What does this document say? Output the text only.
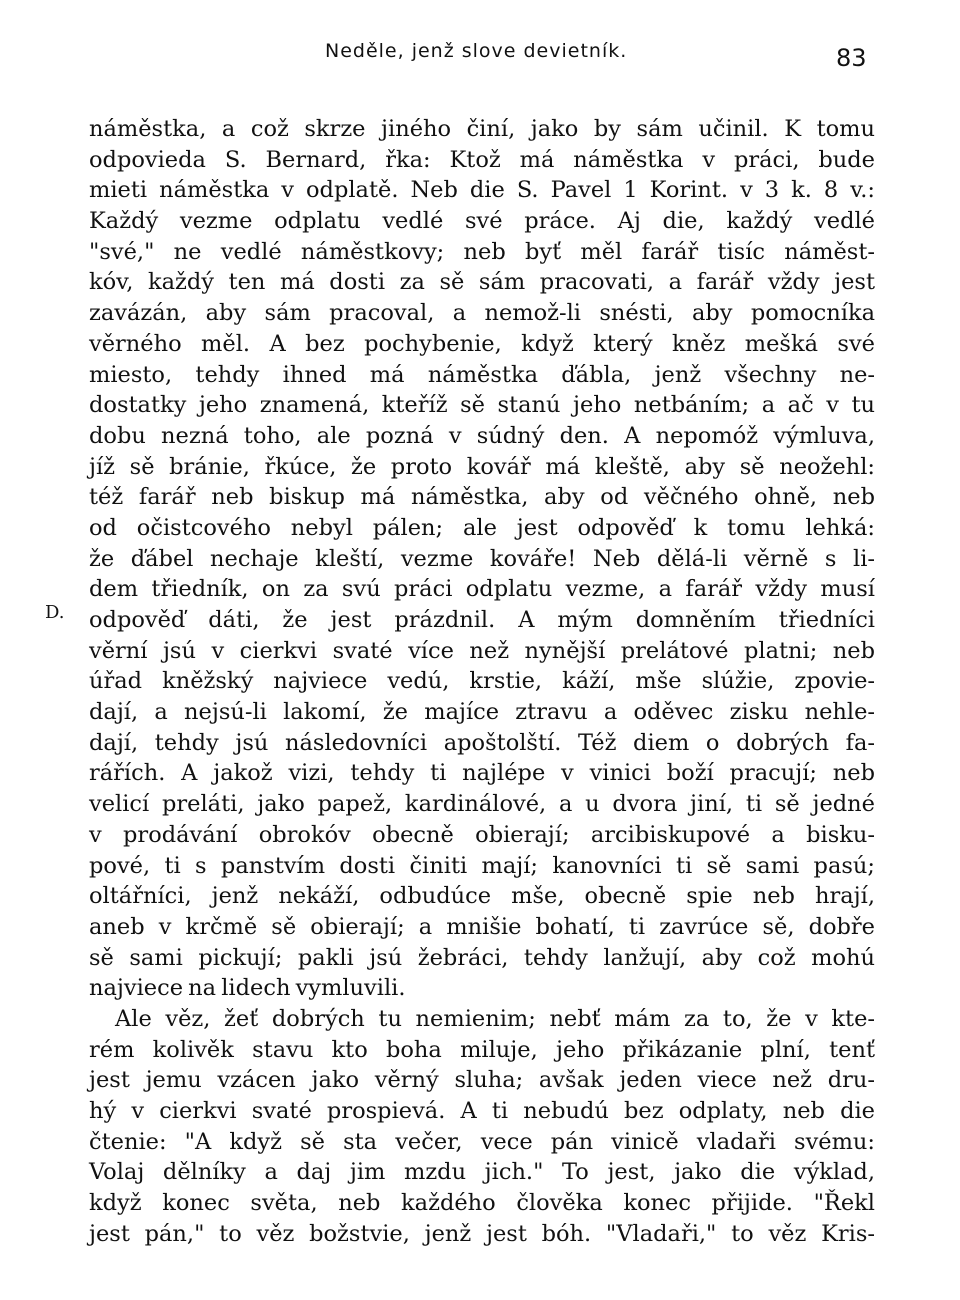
Neděle, jenž slove devietník.	83
D.
náměstka, a což skrze jiného činí, jako by sám učinil. K tomu
odpovieda S. Bernard, řka: Ktož má náměstka v práci, bude
mieti náměstka v odplatě. Neb die S. Pavel 1 Korint. v 3 k. 8 v.:
Každý vezme odplatu vedlé své práce. Aj die, každý vedlé
"své," ne vedlé náměstkovy; neb byť měl farář tisíc náměst-
kóv, každý ten má dosti za sě sám pracovati, a farář vždy jest
zavázán, aby sám pracoval, a nemož-li snésti, aby pomocníka
věrného měl. A bez pochybenie, když který kněz mešká své
miesto, tehdy ihned má náměstka ďábla, jenž všechny ne-
dostatky jeho znamená, kteříž sě stanú jeho netbáním; a ač v tu
dobu nezná toho, ale pozná v súdný den. A nepomóž výmluva,
jíž sě bránie, řkúce, že proto kovář má kleště, aby sě neožehl:
též farář neb biskup má náměstka, aby od věčného ohně, neb
od očistcového nebyl pálen; ale jest odpověď k tomu lehká:
že ďábel nechaje kleští, vezme kováře! Neb dělá-li věrně s li-
dem třiedník, on za svú práci odplatu vezme, a farář vždy musí
odpověď dáti, že jest prázdnil. A mým domněním třiedníci
věrní jsú v cierkvi svaté více než nynější prelátové platni; neb
úřad kněžský najviece vedú, krstie, káží, mše slúžie, zpovie-
dají, a nejsú-li lakomí, že majíce ztravu a oděvec zisku nehle-
dají, tehdy jsú následovníci apoštolští. Též diem o dobrých fa-
rářích. A jakož vizi, tehdy ti najlépe v vinici boží pracují; neb
velicí preláti, jako papež, kardinálové, a u dvora jiní, ti sě jedné
v prodávání obrokóv obecně obierají; arcibiskupové a bisku-
pové, ti s panstvím dosti činiti mají; kanovníci ti sě sami pasú;
oltářníci, jenž nekáží, odbudúce mše, obecně spie neb hrají,
aneb v krčmě sě obierají; a mnišie bohatí, ti zavrúce sě, dobře
sě sami pickují; pakli jsú žebráci, tehdy lanžují, aby což mohú
najviece na lidech vymluvili.
Ale věz, žeť dobrých tu nemienim; nebť mám za to, že v kte-
rém kolivěk stavu kto boha miluje, jeho přikázanie plní, tenť
jest jemu vzácen jako věrný sluha; avšak jeden viece než dru-
hý v cierkvi svaté prospievá. A ti nebudú bez odplaty, neb die
čtenie: "A když sě sta večer, vece pán vinicě vladaři svému:
Volaj dělníky a daj jim mzdu jich." To jest, jako die výklad,
když konec světa, neb každého člověka konec přijide. "Řekl
jest pán," to věz božstvie, jenž jest bóh. "Vladaři," to věz Kris-
